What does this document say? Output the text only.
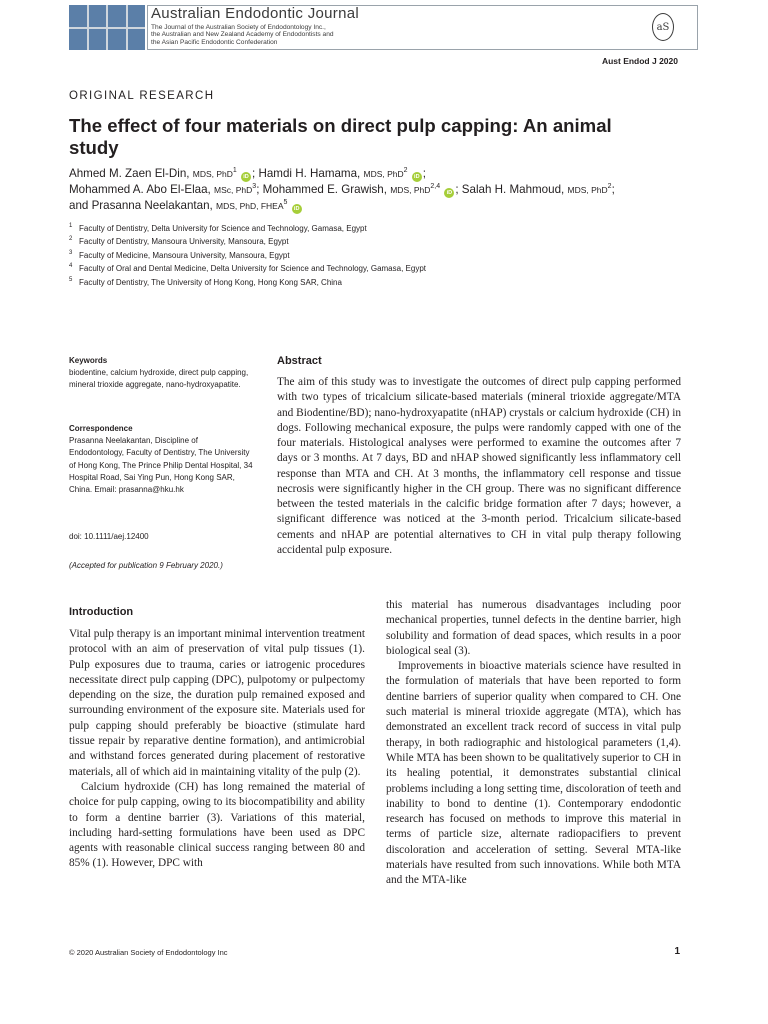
Australian Endodontic Journal
The Journal of the Australian Society of Endodontology Inc.,
the Australian and New Zealand Academy of Endodontists and
the Asian Pacific Endodontic Confederation
aS
Aust Endod J 2020
ORIGINAL RESEARCH
The effect of four materials on direct pulp capping: An animal study
Ahmed M. Zaen El-Din, MDS, PhD$^1$ iD ; Hamdi H. Hamama, MDS, PhD$^2$ iD ;
Mohammed A. Abo El-Elaa, MSc, PhD$^3$; Mohammed E. Grawish, MDS, PhD$^{2,4}$ iD ; Salah H. Mahmoud, MDS, PhD$^2$;
and Prasanna Neelakantan, MDS, PhD, FHEA$^5$ iD
1 Faculty of Dentistry, Delta University for Science and Technology, Gamasa, Egypt
2 Faculty of Dentistry, Mansoura University, Mansoura, Egypt
3 Faculty of Medicine, Mansoura University, Mansoura, Egypt
4 Faculty of Oral and Dental Medicine, Delta University for Science and Technology, Gamasa, Egypt
5 Faculty of Dentistry, The University of Hong Kong, Hong Kong SAR, China
Keywords
biodentine, calcium hydroxide, direct pulp capping, mineral trioxide aggregate, nano-hydroxyapatite.
Correspondence
Prasanna Neelakantan, Discipline of Endodontology, Faculty of Dentistry, The University of Hong Kong, The Prince Philip Dental Hospital, 34 Hospital Road, Sai Ying Pun, Hong Kong SAR, China. Email: prasanna@hku.hk
doi: 10.1111/aej.12400
(Accepted for publication 9 February 2020.)
Abstract
The aim of this study was to investigate the outcomes of direct pulp capping performed with two types of tricalcium silicate-based materials (mineral trioxide aggregate/MTA and Biodentine/BD); nano-hydroxyapatite (nHAP) crystals or calcium hydroxide (CH) in dogs. Following mechanical exposure, the pulps were randomly capped with one of the four materials. Histological analyses were performed to examine the outcomes after 7 days or 3 months. At 7 days, BD and nHAP showed significantly less inflammatory cell response than MTA and CH. At 3 months, the inflammatory cell response and tissue necrosis were significantly higher in the CH group. There was no significant difference between the tested materials in the calcific bridge formation after 7 days; however, a significant difference was noticed at the 3-month period. Tricalcium silicate-based cements and nHAP are potential alternatives to CH in vital pulp therapy following accidental pulp exposure.
Introduction

Vital pulp therapy is an important minimal intervention treatment protocol with an aim of preservation of vital pulp tissues (1). Pulp exposures due to trauma, caries or iatrogenic procedures necessitate direct pulp capping (DPC), pulpotomy or pulpectomy depending on the size, the duration pulp remained exposed and surrounding environment of the exposure site. Materials used for pulp capping should preferably be bioactive (stimulate hard tissue repair by reparative dentine formation), and antimicrobial and withstand forces generated during placement of restorative materials, all of which aid in maintaining vitality of the pulp (2).

Calcium hydroxide (CH) has long remained the material of choice for pulp capping, owing to its biocompatibility and ability to form a dentine barrier (3). Variations of this material, including hard-setting formulations have been used as DPC agents with reasonable clinical success ranging between 80 and 85% (1). However, DPC with

this material has numerous disadvantages including poor mechanical properties, tunnel defects in the dentine barrier, high solubility and formation of dead spaces, which results in a poor biological seal (3).

Improvements in bioactive materials science have resulted in the formulation of materials that have been reported to form dentine barriers of superior quality when compared to CH. One such material is mineral trioxide aggregate (MTA), which has demonstrated an excellent track record of success in vital pulp therapy, in both radiographic and histological parameters (1,4). While MTA has been shown to be qualitatively superior to CH in its healing potential, it demonstrates substantial clinical problems including a long setting time, discoloration of teeth and inability to bond to dentine (1). Contemporary endodontic research has focused on methods to improve this material in terms of particle size, alternate radiopacifiers to prevent discoloration and acceleration of setting. Several MTA-like materials have resulted from such innovations. While both MTA and the MTA-like

© 2020 Australian Society of Endodontology Inc	1
